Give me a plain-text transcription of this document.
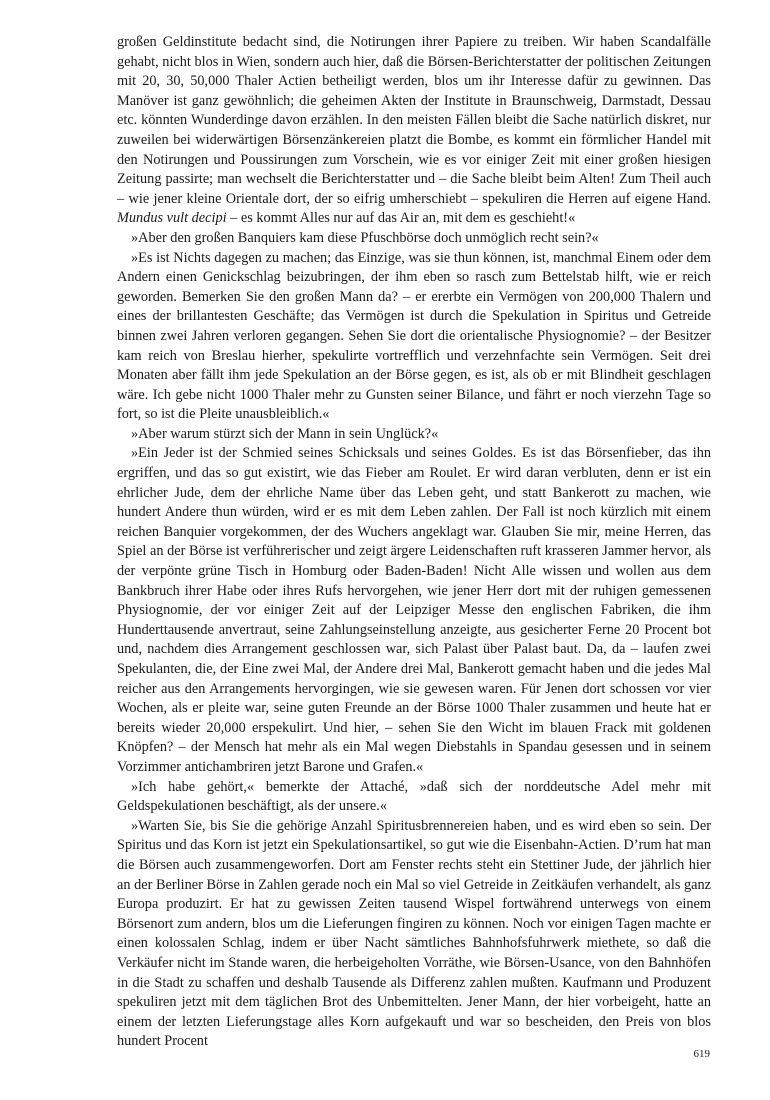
großen Geldinstitute bedacht sind, die Notirungen ihrer Papiere zu treiben. Wir haben Scandalfälle gehabt, nicht blos in Wien, sondern auch hier, daß die Börsen-Berichterstatter der politischen Zeitungen mit 20, 30, 50,000 Thaler Actien betheiligt werden, blos um ihr Interesse dafür zu gewinnen. Das Manöver ist ganz gewöhnlich; die geheimen Akten der Institute in Braunschweig, Darmstadt, Dessau etc. könnten Wunderdinge davon erzählen. In den meisten Fällen bleibt die Sache natürlich diskret, nur zuweilen bei widerwärtigen Börsenzänkereien platzt die Bombe, es kommt ein förmlicher Handel mit den Notirungen und Poussirungen zum Vorschein, wie es vor einiger Zeit mit einer großen hiesigen Zeitung passirte; man wechselt die Berichterstatter und – die Sache bleibt beim Alten! Zum Theil auch – wie jener kleine Orientale dort, der so eifrig umherschiebt – spekuliren die Herren auf eigene Hand. Mundus vult decipi – es kommt Alles nur auf das Air an, mit dem es geschieht!«

»Aber den großen Banquiers kam diese Pfuschbörse doch unmöglich recht sein?«

»Es ist Nichts dagegen zu machen; das Einzige, was sie thun können, ist, manchmal Einem oder dem Andern einen Genickschlag beizubringen, der ihm eben so rasch zum Bettelstab hilft, wie er reich geworden. Bemerken Sie den großen Mann da? – er ererbte ein Vermögen von 200,000 Thalern und eines der brillantesten Geschäfte; das Vermögen ist durch die Spekulation in Spiritus und Getreide binnen zwei Jahren verloren gegangen. Sehen Sie dort die orientalische Physiognomie? – der Besitzer kam reich von Breslau hierher, spekulirte vortrefflich und verzehnfachte sein Vermögen. Seit drei Monaten aber fällt ihm jede Spekulation an der Börse gegen, es ist, als ob er mit Blindheit geschlagen wäre. Ich gebe nicht 1000 Thaler mehr zu Gunsten seiner Bilance, und fährt er noch vierzehn Tage so fort, so ist die Pleite unausbleiblich.«

»Aber warum stürzt sich der Mann in sein Unglück?«

»Ein Jeder ist der Schmied seines Schicksals und seines Goldes. Es ist das Börsenfieber, das ihn ergriffen, und das so gut existirt, wie das Fieber am Roulet. Er wird daran verbluten, denn er ist ein ehrlicher Jude, dem der ehrliche Name über das Leben geht, und statt Bankerott zu machen, wie hundert Andere thun würden, wird er es mit dem Leben zahlen. Der Fall ist noch kürzlich mit einem reichen Banquier vorgekommen, der des Wuchers angeklagt war. Glauben Sie mir, meine Herren, das Spiel an der Börse ist verführerischer und zeigt ärgere Leidenschaften ruft krasseren Jammer hervor, als der verpönte grüne Tisch in Homburg oder Baden-Baden! Nicht Alle wissen und wollen aus dem Bankbruch ihrer Habe oder ihres Rufs hervorgehen, wie jener Herr dort mit der ruhigen gemessenen Physiognomie, der vor einiger Zeit auf der Leipziger Messe den englischen Fabriken, die ihm Hunderttausende anvertraut, seine Zahlungseinstellung anzeigte, aus gesicherter Ferne 20 Procent bot und, nachdem dies Arrangement geschlossen war, sich Palast über Palast baut. Da, da – laufen zwei Spekulanten, die, der Eine zwei Mal, der Andere drei Mal, Bankerott gemacht haben und die jedes Mal reicher aus den Arrangements hervorgingen, wie sie gewesen waren. Für Jenen dort schossen vor vier Wochen, als er pleite war, seine guten Freunde an der Börse 1000 Thaler zusammen und heute hat er bereits wieder 20,000 erspekulirt. Und hier, – sehen Sie den Wicht im blauen Frack mit goldenen Knöpfen? – der Mensch hat mehr als ein Mal wegen Diebstahls in Spandau gesessen und in seinem Vorzimmer antichambriren jetzt Barone und Grafen.«

»Ich habe gehört,« bemerkte der Attaché, »daß sich der norddeutsche Adel mehr mit Geldspekulationen beschäftigt, als der unsere.«

»Warten Sie, bis Sie die gehörige Anzahl Spiritusbrennereien haben, und es wird eben so sein. Der Spiritus und das Korn ist jetzt ein Spekulationsartikel, so gut wie die Eisenbahn-Actien. D’rum hat man die Börsen auch zusammengeworfen. Dort am Fenster rechts steht ein Stettiner Jude, der jährlich hier an der Berliner Börse in Zahlen gerade noch ein Mal so viel Getreide in Zeitkäufen verhandelt, als ganz Europa produzirt. Er hat zu gewissen Zeiten tausend Wispel fortwährend unterwegs von einem Börsenort zum andern, blos um die Lieferungen fingiren zu können. Noch vor einigen Tagen machte er einen kolossalen Schlag, indem er über Nacht sämtliches Bahnhofsfuhrwerk miethete, so daß die Verkäufer nicht im Stande waren, die herbeigeholten Vorräthe, wie Börsen-Usance, von den Bahnhöfen in die Stadt zu schaffen und deshalb Tausende als Differenz zahlen mußten. Kaufmann und Produzent spekuliren jetzt mit dem täglichen Brot des Unbemittelten. Jener Mann, der hier vorbeigeht, hatte an einem der letzten Lieferungstage alles Korn aufgekauft und war so bescheiden, den Preis von blos hundert Procent

619
